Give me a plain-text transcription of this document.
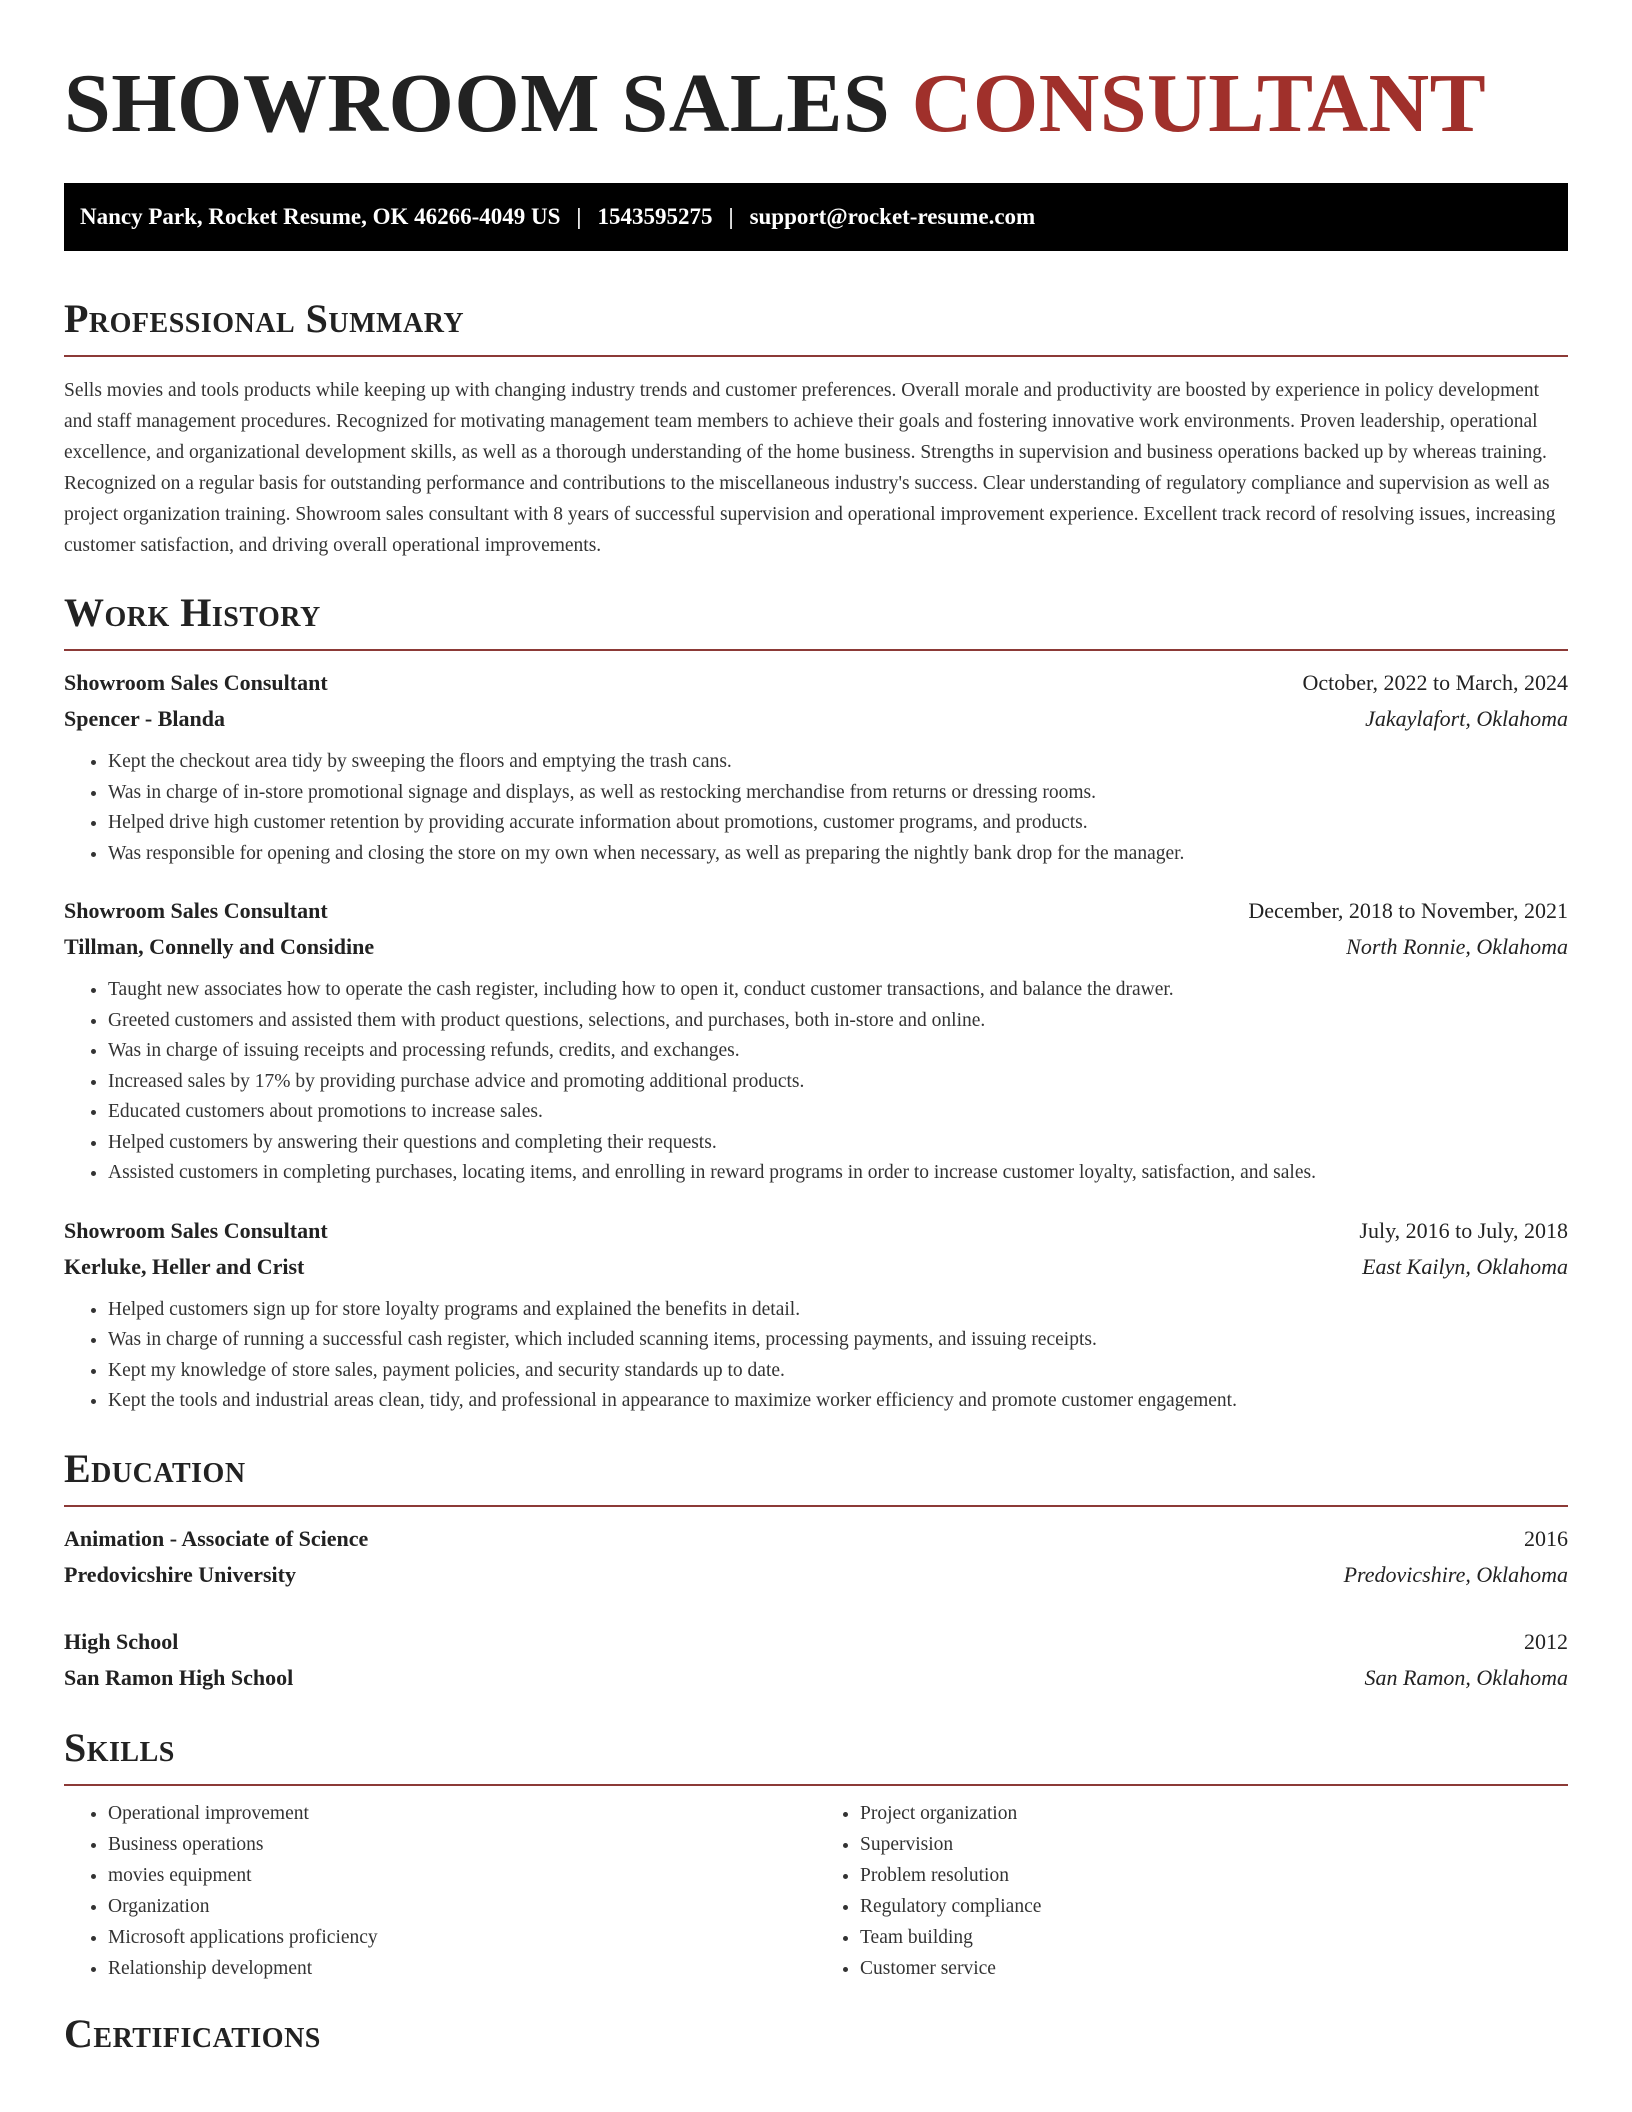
SHOWROOM SALES CONSULTANT
Nancy Park, Rocket Resume, OK 46266-4049 US | 1543595275 | support@rocket-resume.com
Professional Summary

Sells movies and tools products while keeping up with changing industry trends and customer preferences. Overall morale and productivity are boosted by experience in policy development and staff management procedures. Recognized for motivating management team members to achieve their goals and fostering innovative work environments. Proven leadership, operational excellence, and organizational development skills, as well as a thorough understanding of the home business. Strengths in supervision and business operations backed up by whereas training. Recognized on a regular basis for outstanding performance and contributions to the miscellaneous industry's success. Clear understanding of regulatory compliance and supervision as well as project organization training. Showroom sales consultant with 8 years of successful supervision and operational improvement experience. Excellent track record of resolving issues, increasing customer satisfaction, and driving overall operational improvements.

Work History
Showroom Sales Consultant	October, 2022 to March, 2024
Spencer - Blanda	Jakaylafort, Oklahoma
• Kept the checkout area tidy by sweeping the floors and emptying the trash cans.
• Was in charge of in-store promotional signage and displays, as well as restocking merchandise from returns or dressing rooms.
• Helped drive high customer retention by providing accurate information about promotions, customer programs, and products.
• Was responsible for opening and closing the store on my own when necessary, as well as preparing the nightly bank drop for the manager.
Showroom Sales Consultant	December, 2018 to November, 2021
Tillman, Connelly and Considine	North Ronnie, Oklahoma
• Taught new associates how to operate the cash register, including how to open it, conduct customer transactions, and balance the drawer.
• Greeted customers and assisted them with product questions, selections, and purchases, both in-store and online.
• Was in charge of issuing receipts and processing refunds, credits, and exchanges.
• Increased sales by 17% by providing purchase advice and promoting additional products.
• Educated customers about promotions to increase sales.
• Helped customers by answering their questions and completing their requests.
• Assisted customers in completing purchases, locating items, and enrolling in reward programs in order to increase customer loyalty, satisfaction, and sales.
Showroom Sales Consultant	July, 2016 to July, 2018
Kerluke, Heller and Crist	East Kailyn, Oklahoma
• Helped customers sign up for store loyalty programs and explained the benefits in detail.
• Was in charge of running a successful cash register, which included scanning items, processing payments, and issuing receipts.
• Kept my knowledge of store sales, payment policies, and security standards up to date.
• Kept the tools and industrial areas clean, tidy, and professional in appearance to maximize worker efficiency and promote customer engagement.
Education
Animation - Associate of Science	2016
Predovicshire University	Predovicshire, Oklahoma
High School	2012
San Ramon High School	San Ramon, Oklahoma
Skills
• Operational improvement
• Business operations
• movies equipment
• Organization
• Microsoft applications proficiency
• Relationship development
• Project organization
• Supervision
• Problem resolution
• Regulatory compliance
• Team building
• Customer service
Certifications
